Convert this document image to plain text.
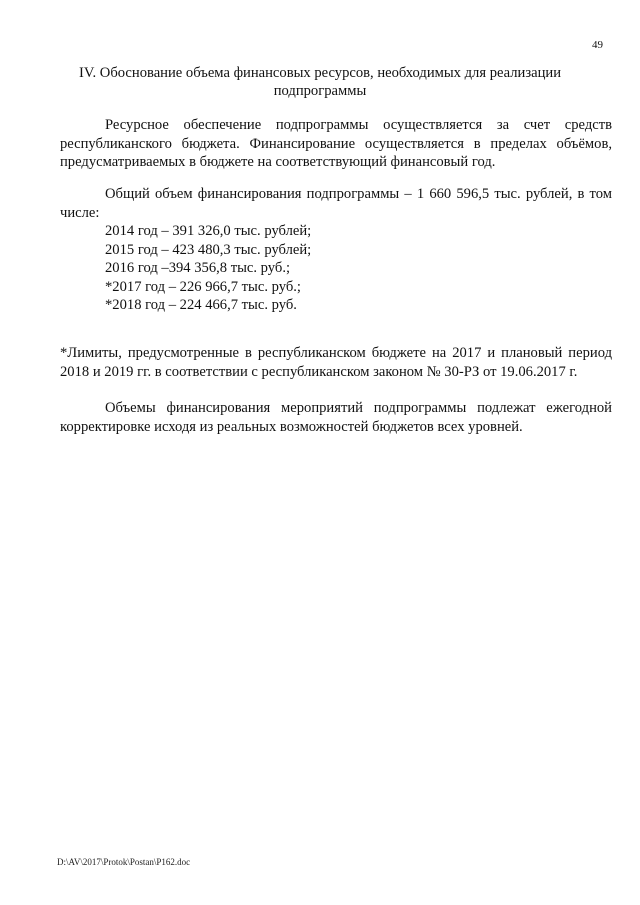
49
IV. Обоснование объема финансовых ресурсов, необходимых для реализации подпрограммы

Ресурсное обеспечение подпрограммы осуществляется за счет средств республиканского бюджета. Финансирование осуществляется в пределах объёмов, предусматриваемых в бюджете на соответствующий финансовый год.

Общий объем финансирования подпрограммы – 1 660 596,5 тыс. рублей, в том числе:

2014 год – 391 326,0 тыс. рублей;
2015 год – 423 480,3 тыс. рублей;
2016 год –394 356,8 тыс. руб.;
*2017 год – 226 966,7 тыс. руб.;
*2018 год – 224 466,7 тыс. руб.

*Лимиты, предусмотренные в республиканском бюджете на 2017 и плановый период 2018 и 2019 гг. в соответствии с республиканском законом № 30-РЗ от 19.06.2017 г.

Объемы финансирования мероприятий подпрограммы подлежат ежегодной корректировке исходя из реальных возможностей бюджетов всех уровней.

D:\AV\2017\Protok\Postan\P162.doc
